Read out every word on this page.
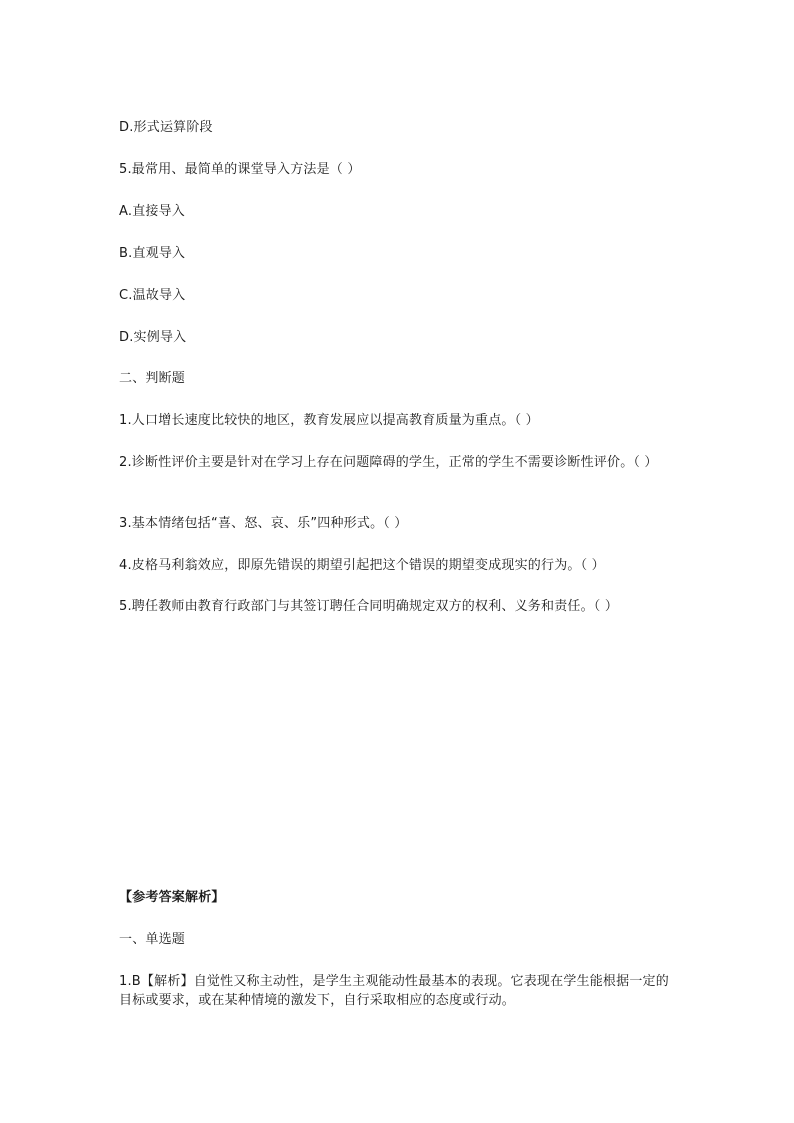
D.形式运算阶段
5.最常用、最简单的课堂导入方法是（ ）
A.直接导入
B.直观导入
C.温故导入
D.实例导入
二、判断题
1.人口增长速度比较快的地区，教育发展应以提高教育质量为重点。（ ）
2.诊断性评价主要是针对在学习上存在问题障碍的学生，正常的学生不需要诊断性评价。（ ）
3.基本情绪包括“喜、怒、哀、乐”四种形式。（ ）
4.皮格马利翁效应，即原先错误的期望引起把这个错误的期望变成现实的行为。（ ）
5.聘任教师由教育行政部门与其签订聘任合同明确规定双方的权利、义务和责任。（ ）
【参考答案解析】
一、单选题
1.B【解析】自觉性又称主动性，是学生主观能动性最基本的表现。它表现在学生能根据一定的目标或要求，或在某种情境的激发下，自行采取相应的态度或行动。
